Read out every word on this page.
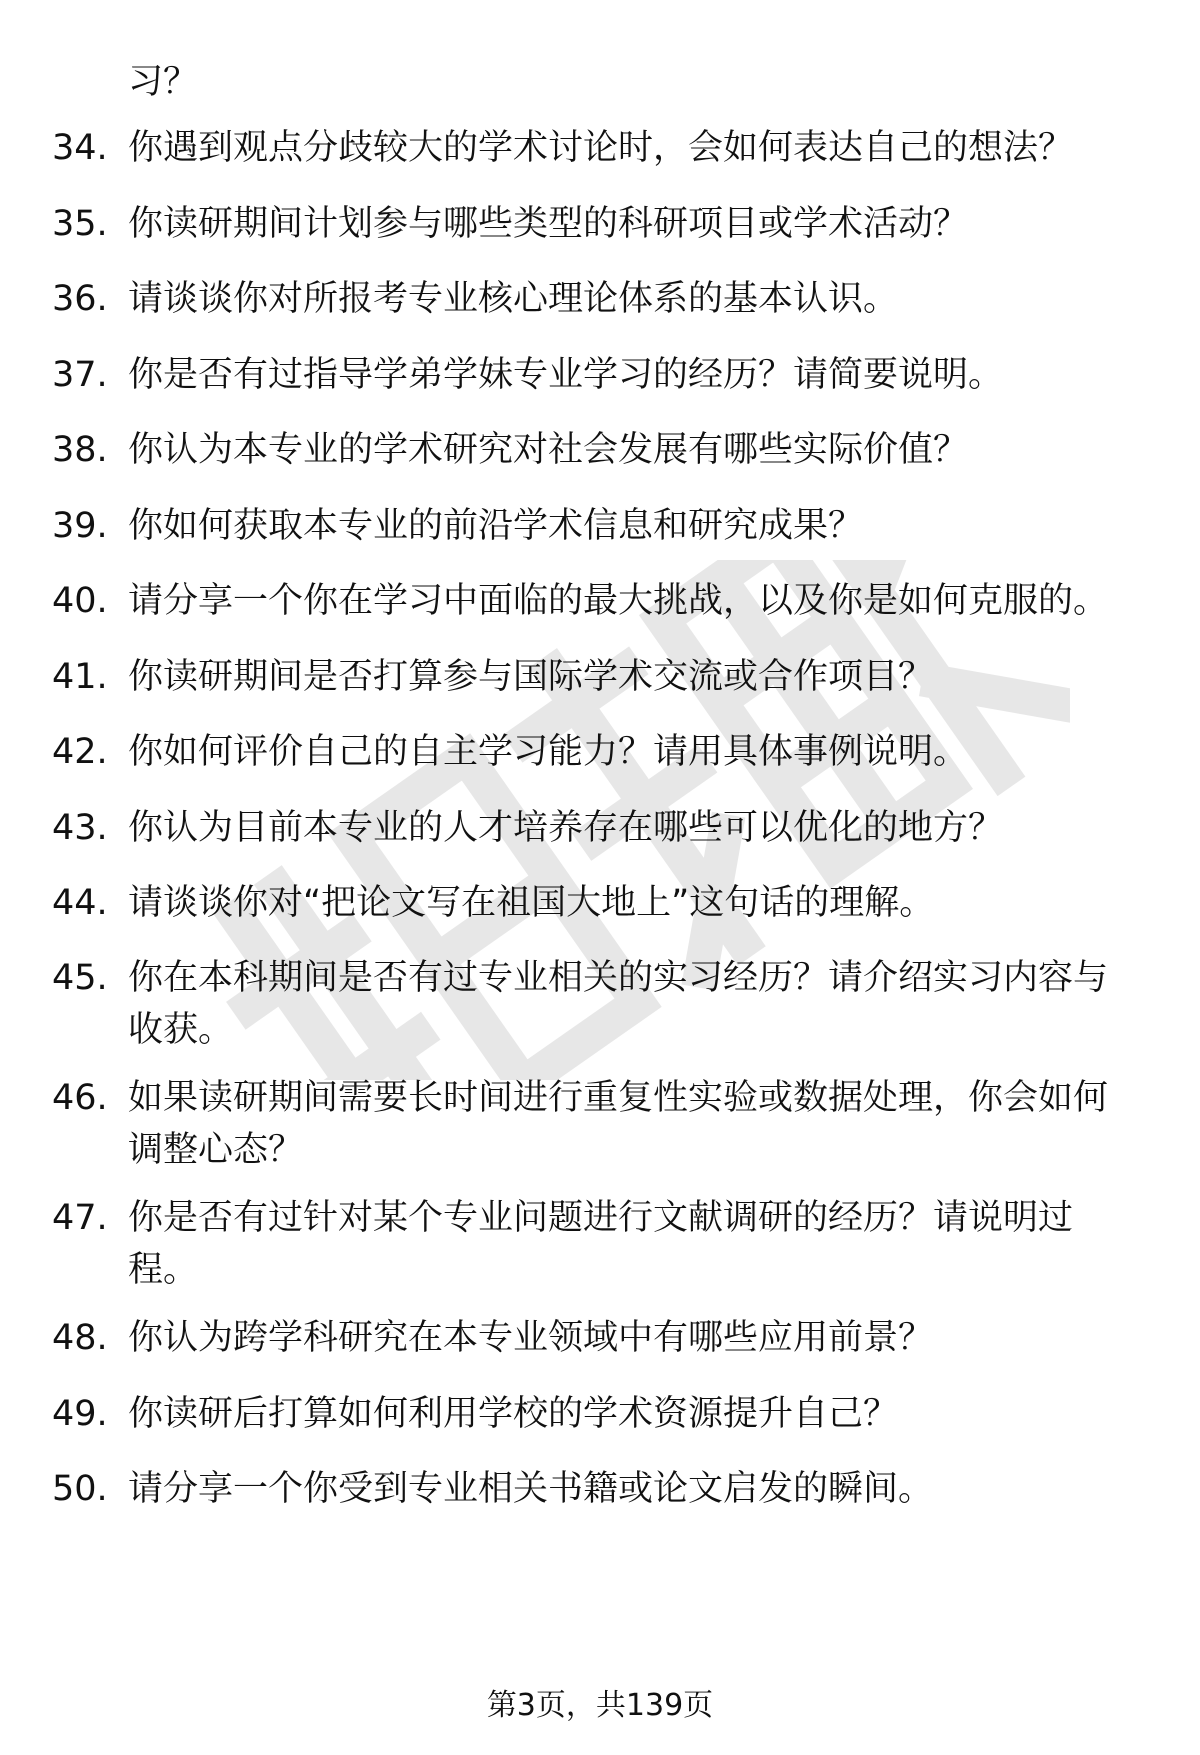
习？

34. 你遇到观点分歧较大的学术讨论时，会如何表达自己的想法？
35. 你读研期间计划参与哪些类型的科研项目或学术活动？
36. 请谈谈你对所报考专业核心理论体系的基本认识。
37. 你是否有过指导学弟学妹专业学习的经历？请简要说明。
38. 你认为本专业的学术研究对社会发展有哪些实际价值？
39. 你如何获取本专业的前沿学术信息和研究成果？
40. 请分享一个你在学习中面临的最大挑战，以及你是如何克服的。
41. 你读研期间是否打算参与国际学术交流或合作项目？
42. 你如何评价自己的自主学习能力？请用具体事例说明。
43. 你认为目前本专业的人才培养存在哪些可以优化的地方？
44. 请谈谈你对“把论文写在祖国大地上”这句话的理解。
45. 你在本科期间是否有过专业相关的实习经历？请介绍实习内容与收获。
46. 如果读研期间需要长时间进行重复性实验或数据处理，你会如何调整心态？
47. 你是否有过针对某个专业问题进行文献调研的经历？请说明过程。
48. 你认为跨学科研究在本专业领域中有哪些应用前景？
49. 你读研后打算如何利用学校的学术资源提升自己？
50. 请分享一个你受到专业相关书籍或论文启发的瞬间。
第3页，共139页
